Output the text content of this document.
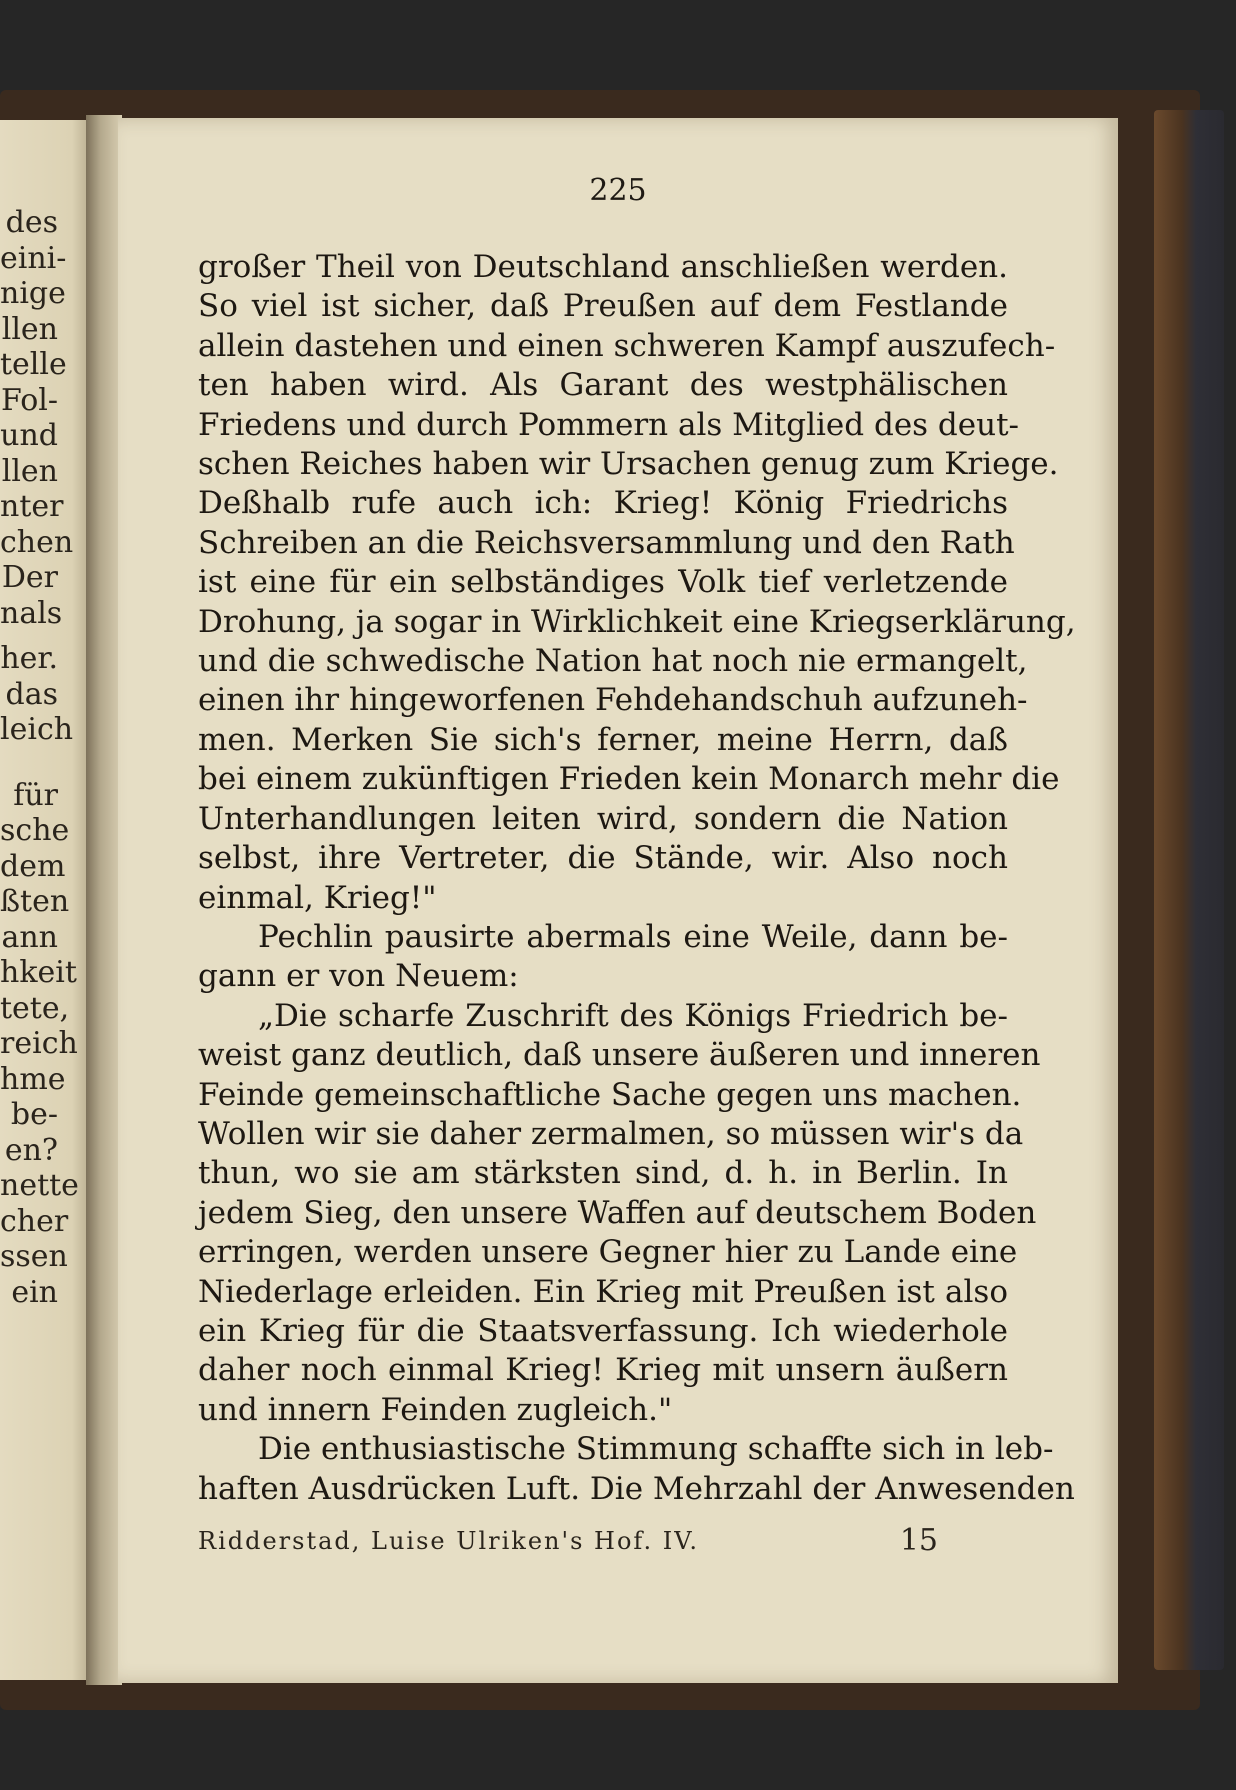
des
eini-
nige
llen
telle
Fol-
und
llen
nter
chen
Der
nals
her.
das
leich
für
sche
dem
ßten
ann
hkeit
tete,
reich
hme
be-
en?
nette
cher
ssen
ein
225
großer Theil von Deutschland anschließen werden.
So viel ist sicher, daß Preußen auf dem Festlande
allein dastehen und einen schweren Kampf auszufech-
ten haben wird. Als Garant des westphälischen
Friedens und durch Pommern als Mitglied des deut-
schen Reiches haben wir Ursachen genug zum Kriege.
Deßhalb rufe auch ich: Krieg! König Friedrichs
Schreiben an die Reichsversammlung und den Rath
ist eine für ein selbständiges Volk tief verletzende
Drohung, ja sogar in Wirklichkeit eine Kriegserklärung,
und die schwedische Nation hat noch nie ermangelt,
einen ihr hingeworfenen Fehdehandschuh aufzuneh-
men. Merken Sie sich's ferner, meine Herrn, daß
bei einem zukünftigen Frieden kein Monarch mehr die
Unterhandlungen leiten wird, sondern die Nation
selbst, ihre Vertreter, die Stände, wir. Also noch
einmal, Krieg!"
Pechlin pausirte abermals eine Weile, dann be-
gann er von Neuem:
„Die scharfe Zuschrift des Königs Friedrich be-
weist ganz deutlich, daß unsere äußeren und inneren
Feinde gemeinschaftliche Sache gegen uns machen.
Wollen wir sie daher zermalmen, so müssen wir's da
thun, wo sie am stärksten sind, d. h. in Berlin. In
jedem Sieg, den unsere Waffen auf deutschem Boden
erringen, werden unsere Gegner hier zu Lande eine
Niederlage erleiden. Ein Krieg mit Preußen ist also
ein Krieg für die Staatsverfassung. Ich wiederhole
daher noch einmal Krieg! Krieg mit unsern äußern
und innern Feinden zugleich."
Die enthusiastische Stimmung schaffte sich in leb-
haften Ausdrücken Luft. Die Mehrzahl der Anwesenden
Ridderstad, Luise Ulriken's Hof. IV.	15
